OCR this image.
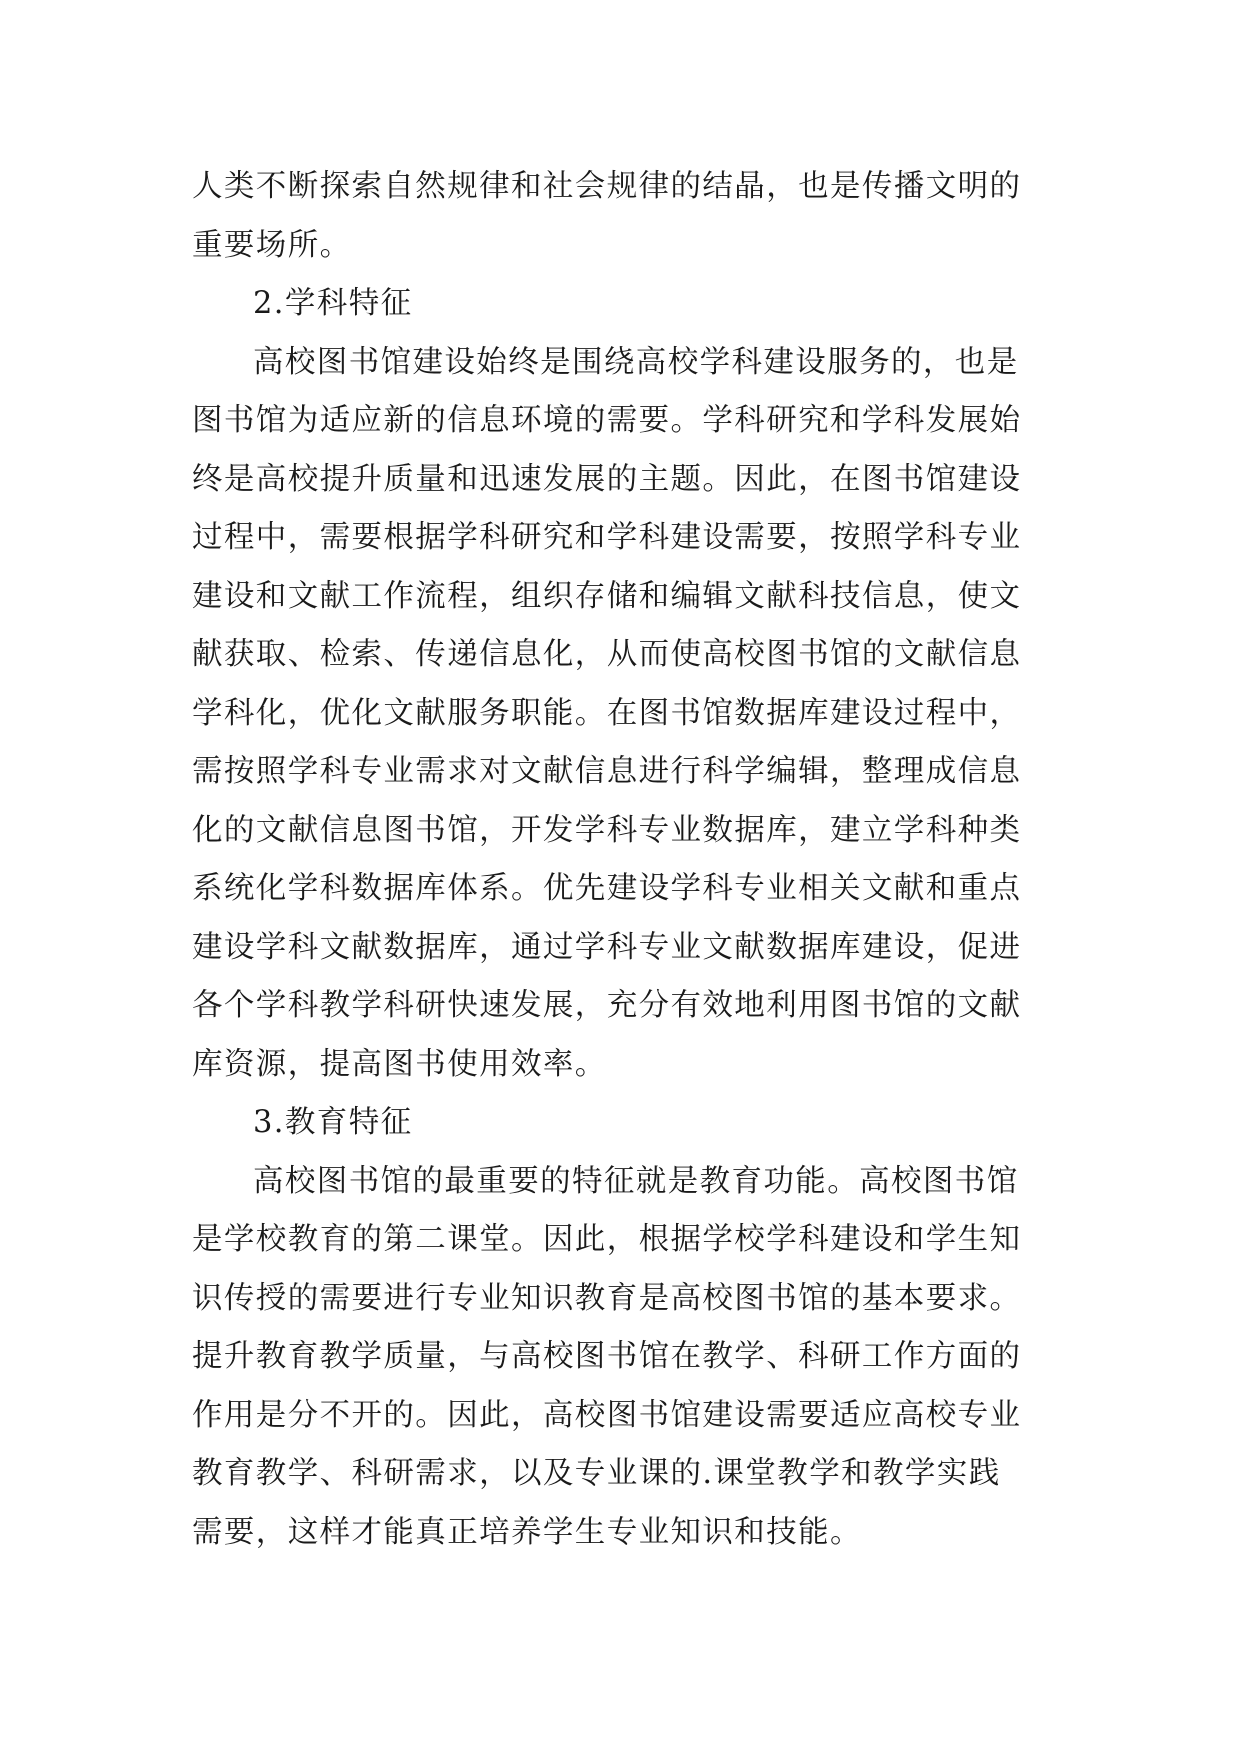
人类不断探索自然规律和社会规律的结晶，也是传播文明的
重要场所。
2.学科特征
高校图书馆建设始终是围绕高校学科建设服务的，也是
图书馆为适应新的信息环境的需要。学科研究和学科发展始
终是高校提升质量和迅速发展的主题。因此，在图书馆建设
过程中，需要根据学科研究和学科建设需要，按照学科专业
建设和文献工作流程，组织存储和编辑文献科技信息，使文
献获取、检索、传递信息化，从而使高校图书馆的文献信息
学科化，优化文献服务职能。在图书馆数据库建设过程中，
需按照学科专业需求对文献信息进行科学编辑，整理成信息
化的文献信息图书馆，开发学科专业数据库，建立学科种类
系统化学科数据库体系。优先建设学科专业相关文献和重点
建设学科文献数据库，通过学科专业文献数据库建设，促进
各个学科教学科研快速发展，充分有效地利用图书馆的文献
库资源，提高图书使用效率。
3.教育特征
高校图书馆的最重要的特征就是教育功能。高校图书馆
是学校教育的第二课堂。因此，根据学校学科建设和学生知
识传授的需要进行专业知识教育是高校图书馆的基本要求。
提升教育教学质量，与高校图书馆在教学、科研工作方面的
作用是分不开的。因此，高校图书馆建设需要适应高校专业
教育教学、科研需求，以及专业课的.课堂教学和教学实践
需要，这样才能真正培养学生专业知识和技能。
